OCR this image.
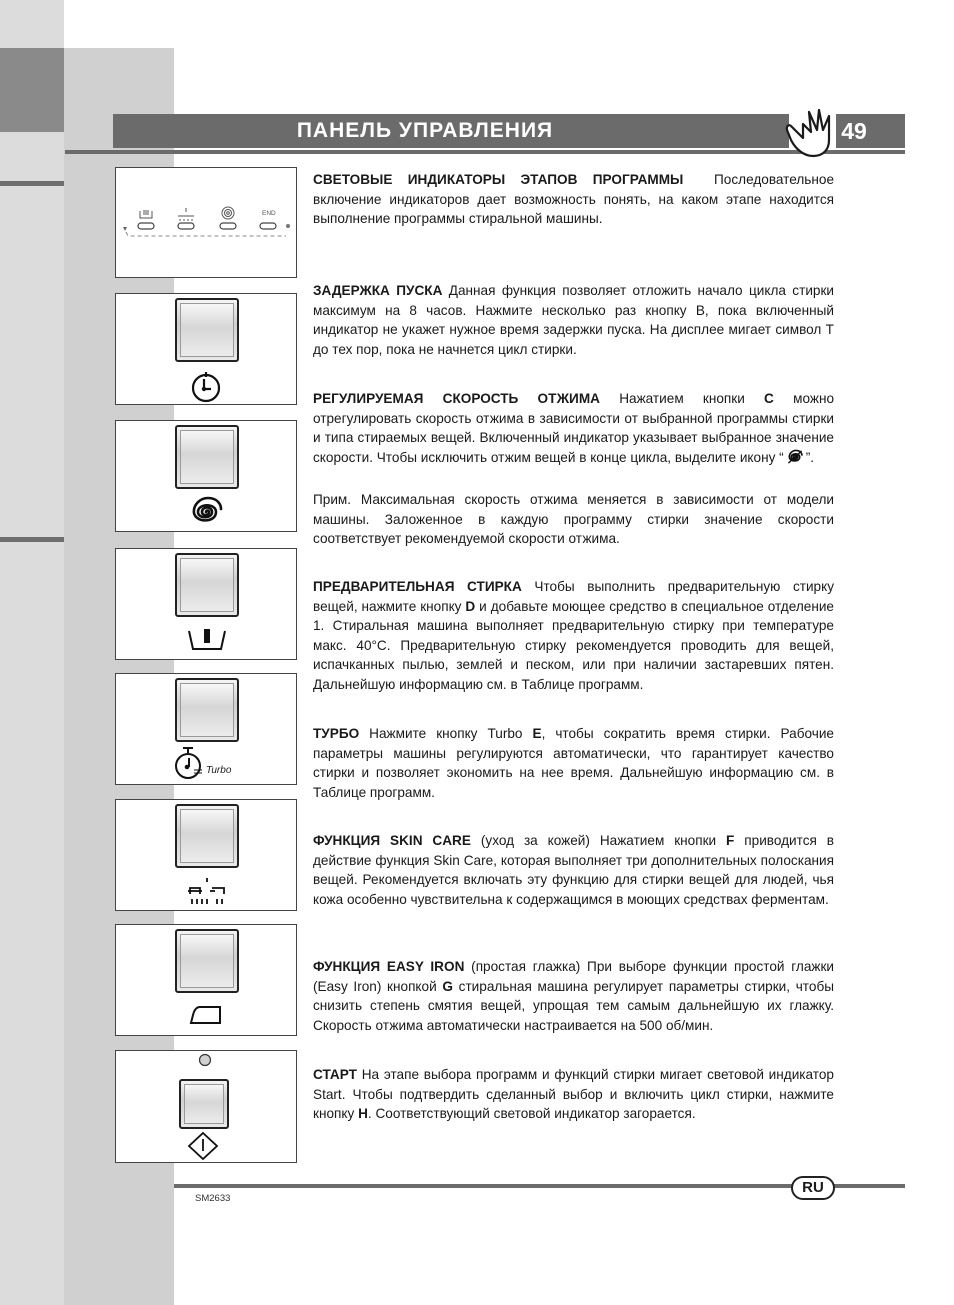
ПАНЕЛЬ УПРАВЛЕНИЯ	49
END
Turbo

СВЕТОВЫЕ ИНДИКАТОРЫ ЭТАПОВ ПРОГРАММЫ Последовательное включение индикаторов дает возможность понять, на каком этапе находится выполнение программы стиральной машины.

ЗАДЕРЖКА ПУСКА Данная функция позволяет отложить начало цикла стирки максимум на 8 часов. Нажмите несколько раз кнопку B, пока включенный индикатор не укажет нужное время задержки пуска. На дисплее мигает символ T до тех пор, пока не начнется цикл стирки.

РЕГУЛИРУЕМАЯ СКОРОСТЬ ОТЖИМА Нажатием кнопки C можно отрегулировать скорость отжима в зависимости от выбранной программы стирки и типа стираемых вещей. Включенный индикатор указывает выбранное значение скорости. Чтобы исключить отжим вещей в конце цикла, выделите икону “ ”.

Прим. Максимальная скорость отжима меняется в зависимости от модели машины. Заложенное в каждую программу стирки значение скорости соответствует рекомендуемой скорости отжима.

ПРЕДВАРИТЕЛЬНАЯ СТИРКА Чтобы выполнить предварительную стирку вещей, нажмите кнопку D и добавьте моющее средство в специальное отделение 1. Стиральная машина выполняет предварительную стирку при температуре макс. 40°С. Предварительную стирку рекомендуется проводить для вещей, испачканных пылью, землей и песком, или при наличии застаревших пятен. Дальнейшую информацию см. в Таблице программ.

ТУРБО Нажмите кнопку Turbo E, чтобы сократить время стирки. Рабочие параметры машины регулируются автоматически, что гарантирует качество стирки и позволяет экономить на нее время. Дальнейшую информацию см. в Таблице программ.

ФУНКЦИЯ SKIN CARE (уход за кожей) Нажатием кнопки F приводится в действие функция Skin Care, которая выполняет три дополнительных полоскания вещей. Рекомендуется включать эту функцию для стирки вещей для людей, чья кожа особенно чувствительна к содержащимся в моющих средствах ферментам.

ФУНКЦИЯ EASY IRON (простая глажка) При выборе функции простой глажки (Easy Iron) кнопкой G стиральная машина регулирует параметры стирки, чтобы снизить степень смятия вещей, упрощая тем самым дальнейшую их глажку. Скорость отжима автоматически настраивается на 500 об/мин.

СТАРТ На этапе выбора программ и функций стирки мигает световой индикатор Start. Чтобы подтвердить сделанный выбор и включить цикл стирки, нажмите кнопку H. Соответствующий световой индикатор загорается.

RU
SM2633
